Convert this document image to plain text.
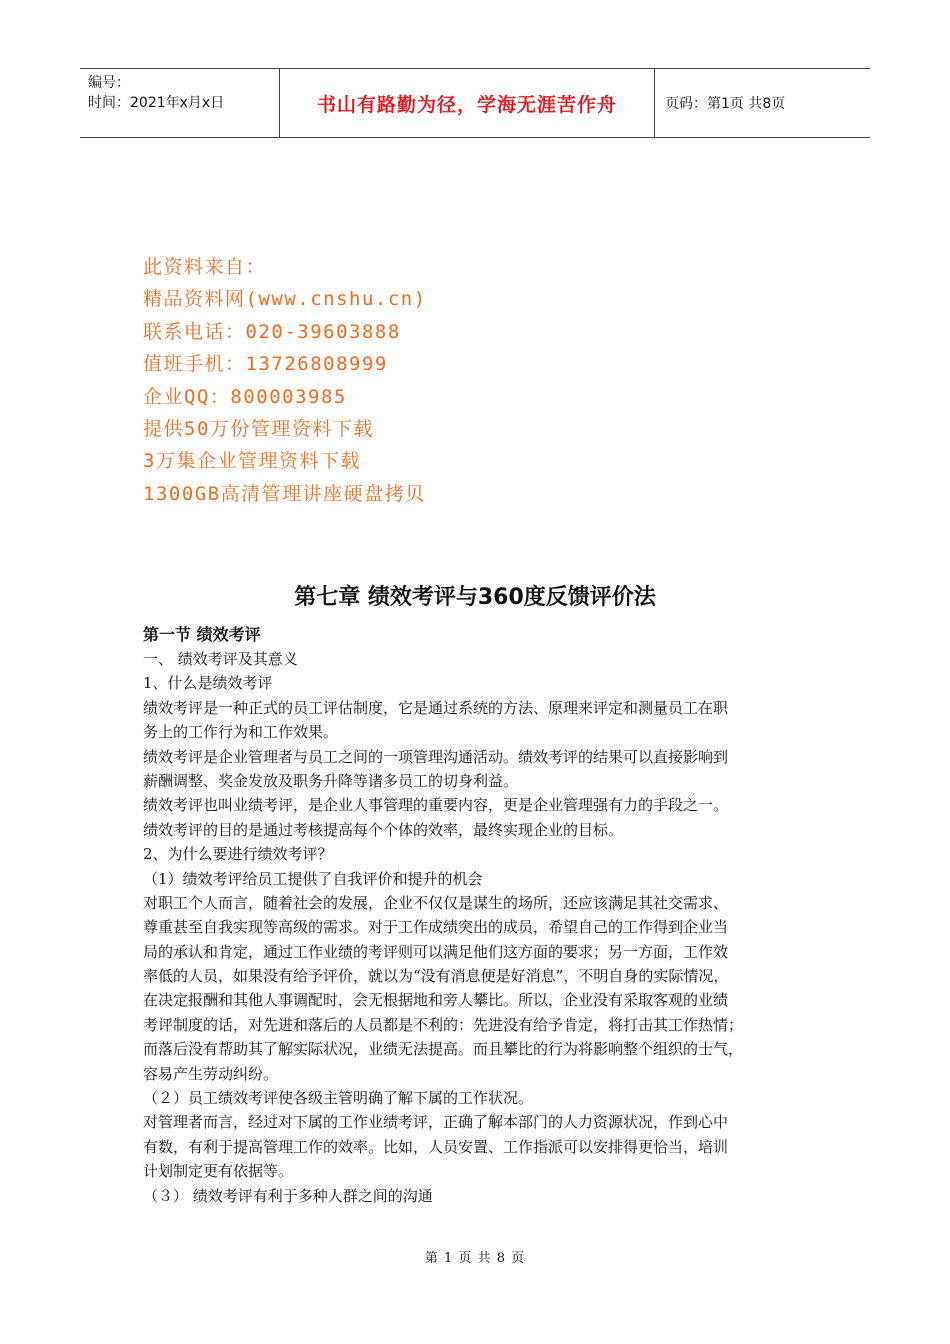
编号：
时间：2021年x月x日	书山有路勤为径，学海无涯苦作舟	页码：第1页 共8页
此资料来自：
精品资料网(www.cnshu.cn)
联系电话：020-39603888
值班手机：13726808999
企业QQ：800003985
提供50万份管理资料下载
3万集企业管理资料下载
1300GB高清管理讲座硬盘拷贝
第七章 绩效考评与360度反馈评价法
第一节 绩效考评
一、 绩效考评及其意义
1、什么是绩效考评
绩效考评是一种正式的员工评估制度，它是通过系统的方法、原理来评定和测量员工在职
务上的工作行为和工作效果。
绩效考评是企业管理者与员工之间的一项管理沟通活动。绩效考评的结果可以直接影响到
薪酬调整、奖金发放及职务升降等诸多员工的切身利益。
绩效考评也叫业绩考评，是企业人事管理的重要内容，更是企业管理强有力的手段之一。
绩效考评的目的是通过考核提高每个个体的效率，最终实现企业的目标。
2、为什么要进行绩效考评？
（1）绩效考评给员工提供了自我评价和提升的机会
对职工个人而言，随着社会的发展，企业不仅仅是谋生的场所，还应该满足其社交需求、
尊重甚至自我实现等高级的需求。对于工作成绩突出的成员，希望自己的工作得到企业当
局的承认和肯定，通过工作业绩的考评则可以满足他们这方面的要求；另一方面，工作效
率低的人员，如果没有给予评价，就以为“没有消息便是好消息”，不明自身的实际情况，
在决定报酬和其他人事调配时，会无根据地和旁人攀比。所以，企业没有采取客观的业绩
考评制度的话，对先进和落后的人员都是不利的：先进没有给予肯定，将打击其工作热情；
而落后没有帮助其了解实际状况，业绩无法提高。而且攀比的行为将影响整个组织的士气，
容易产生劳动纠纷。
（２）员工绩效考评使各级主管明确了解下属的工作状况。
对管理者而言，经过对下属的工作业绩考评，正确了解本部门的人力资源状况，作到心中
有数，有利于提高管理工作的效率。比如，人员安置、工作指派可以安排得更恰当，培训
计划制定更有依据等。
（３） 绩效考评有利于多种人群之间的沟通
第 1 页 共 8 页
